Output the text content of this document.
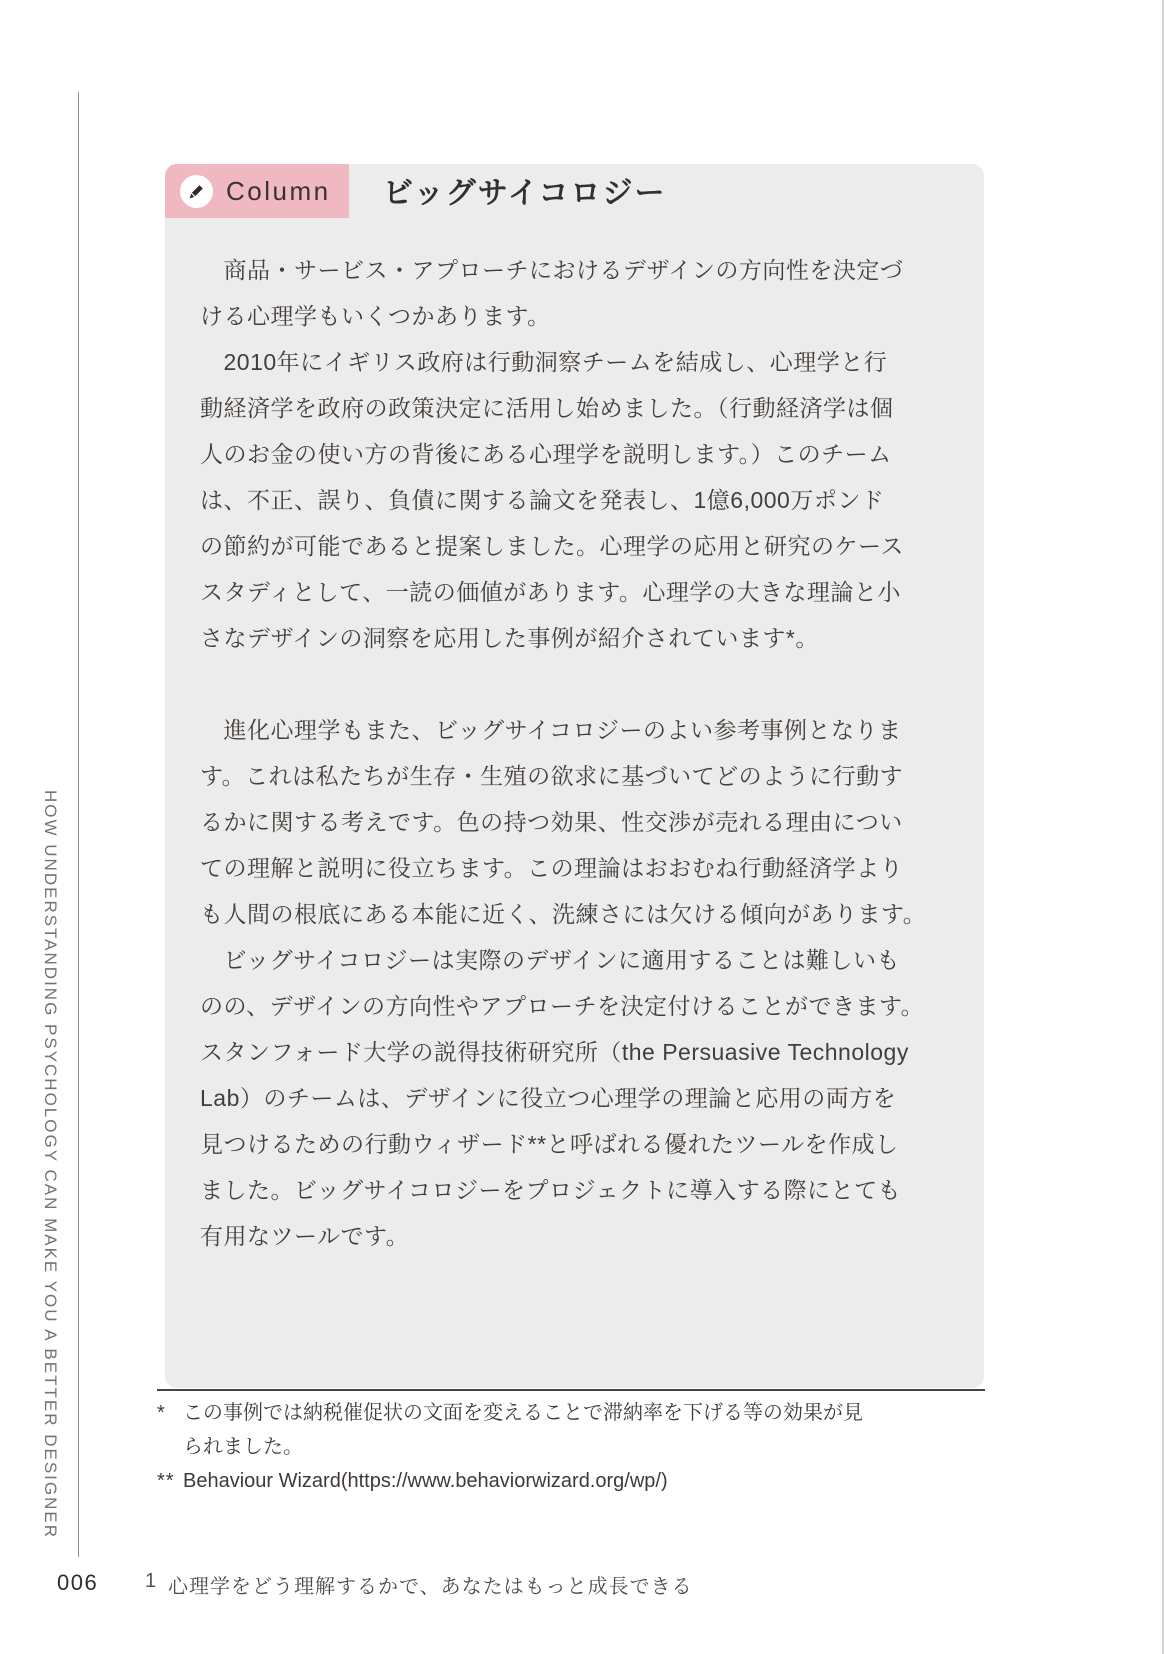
HOW UNDERSTANDING PSYCHOLOGY CAN MAKE YOU A BETTER DESIGNER
Column ビッグサイコロジー
　商品・サービス・アプローチにおけるデザインの方向性を決定づ
ける心理学もいくつかあります。
　2010年にイギリス政府は行動洞察チームを結成し、心理学と行
動経済学を政府の政策決定に活用し始めました。（行動経済学は個
人のお金の使い方の背後にある心理学を説明します。）このチーム
は、不正、誤り、負債に関する論文を発表し、1億6,000万ポンド
の節約が可能であると提案しました。心理学の応用と研究のケース
スタディとして、一読の価値があります。心理学の大きな理論と小
さなデザインの洞察を応用した事例が紹介されています*。
　進化心理学もまた、ビッグサイコロジーのよい参考事例となりま
す。これは私たちが生存・生殖の欲求に基づいてどのように行動す
るかに関する考えです。色の持つ効果、性交渉が売れる理由につい
ての理解と説明に役立ちます。この理論はおおむね行動経済学より
も人間の根底にある本能に近く、洗練さには欠ける傾向があります。
　ビッグサイコロジーは実際のデザインに適用することは難しいも
のの、デザインの方向性やアプローチを決定付けることができます。
スタンフォード大学の説得技術研究所（the Persuasive Technology
Lab）のチームは、デザインに役立つ心理学の理論と応用の両方を
見つけるための行動ウィザード**と呼ばれる優れたツールを作成し
ました。ビッグサイコロジーをプロジェクトに導入する際にとても
有用なツールです。
* この事例では納税催促状の文面を変えることで滞納率を下げる等の効果が見
られました。
** Behaviour Wizard(https://www.behaviorwizard.org/wp/)
006 1 心理学をどう理解するかで、あなたはもっと成長できる
